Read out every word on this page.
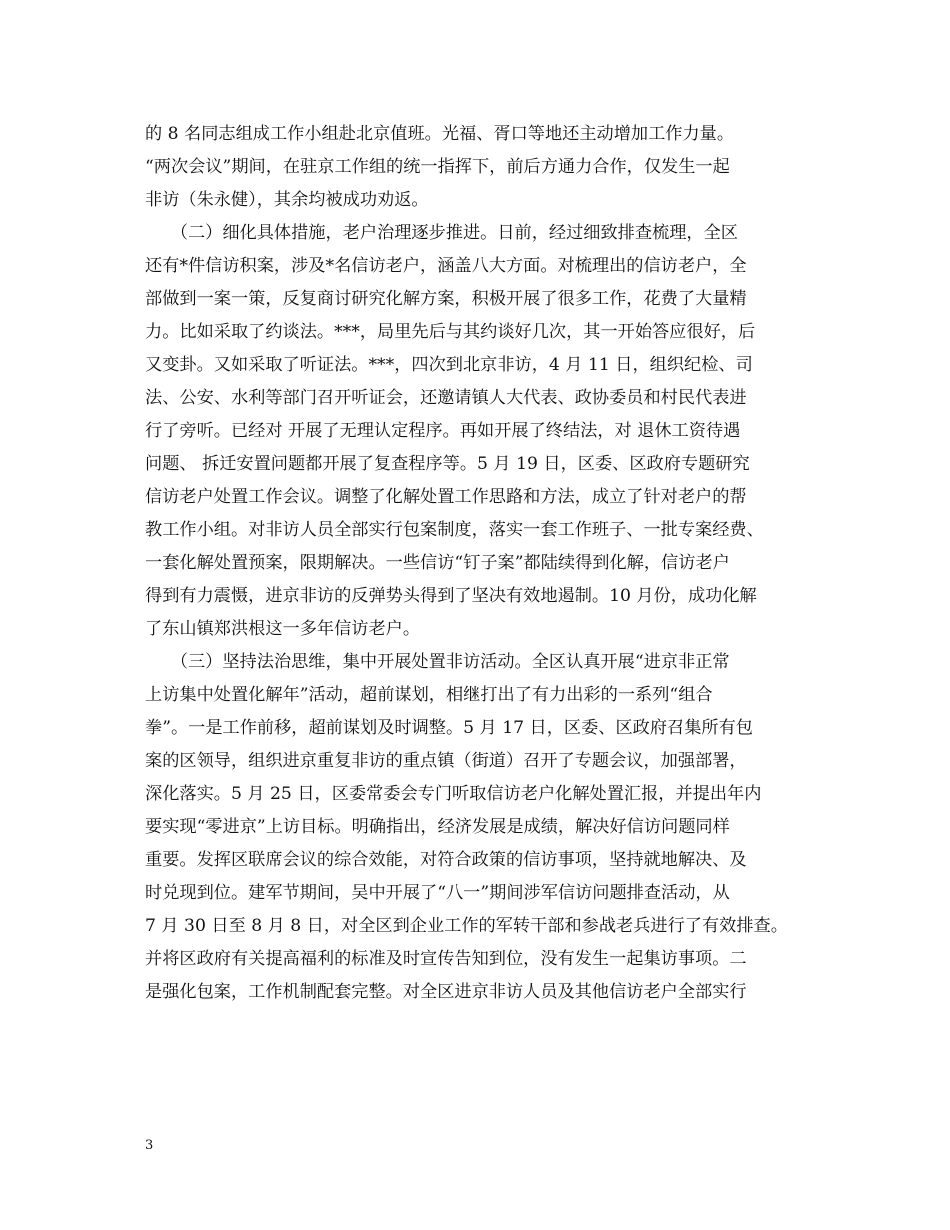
的 8 名同志组成工作小组赴北京值班。光福、胥口等地还主动增加工作力量。
“两次会议”期间，在驻京工作组的统一指挥下，前后方通力合作，仅发生一起
非访（朱永健），其余均被成功劝返。
　　（二）细化具体措施，老户治理逐步推进。日前，经过细致排查梳理，全区
还有*件信访积案，涉及*名信访老户，涵盖八大方面。对梳理出的信访老户，全
部做到一案一策，反复商讨研究化解方案，积极开展了很多工作，花费了大量精
力。比如采取了约谈法。***，局里先后与其约谈好几次，其一开始答应很好，后
又变卦。又如采取了听证法。***，四次到北京非访，4 月 11 日，组织纪检、司
法、公安、水利等部门召开听证会，还邀请镇人大代表、政协委员和村民代表进
行了旁听。已经对 开展了无理认定程序。再如开展了终结法，对 退休工资待遇
问题、 拆迁安置问题都开展了复查程序等。5 月 19 日，区委、区政府专题研究
信访老户处置工作会议。调整了化解处置工作思路和方法，成立了针对老户的帮
教工作小组。对非访人员全部实行包案制度，落实一套工作班子、一批专案经费、
一套化解处置预案，限期解决。一些信访“钉子案”都陆续得到化解，信访老户
得到有力震慑，进京非访的反弹势头得到了坚决有效地遏制。10 月份，成功化解
了东山镇郑洪根这一多年信访老户。
　　（三）坚持法治思维，集中开展处置非访活动。全区认真开展“进京非正常
上访集中处置化解年”活动，超前谋划，相继打出了有力出彩的一系列“组合
拳”。一是工作前移，超前谋划及时调整。5 月 17 日，区委、区政府召集所有包
案的区领导，组织进京重复非访的重点镇（街道）召开了专题会议，加强部署，
深化落实。5 月 25 日，区委常委会专门听取信访老户化解处置汇报，并提出年内
要实现“零进京”上访目标。明确指出，经济发展是成绩，解决好信访问题同样
重要。发挥区联席会议的综合效能，对符合政策的信访事项，坚持就地解决、及
时兑现到位。建军节期间，吴中开展了“八一”期间涉军信访问题排查活动，从
7 月 30 日至 8 月 8 日，对全区到企业工作的军转干部和参战老兵进行了有效排查。
并将区政府有关提高福利的标准及时宣传告知到位，没有发生一起集访事项。二
是强化包案，工作机制配套完整。对全区进京非访人员及其他信访老户全部实行
3
